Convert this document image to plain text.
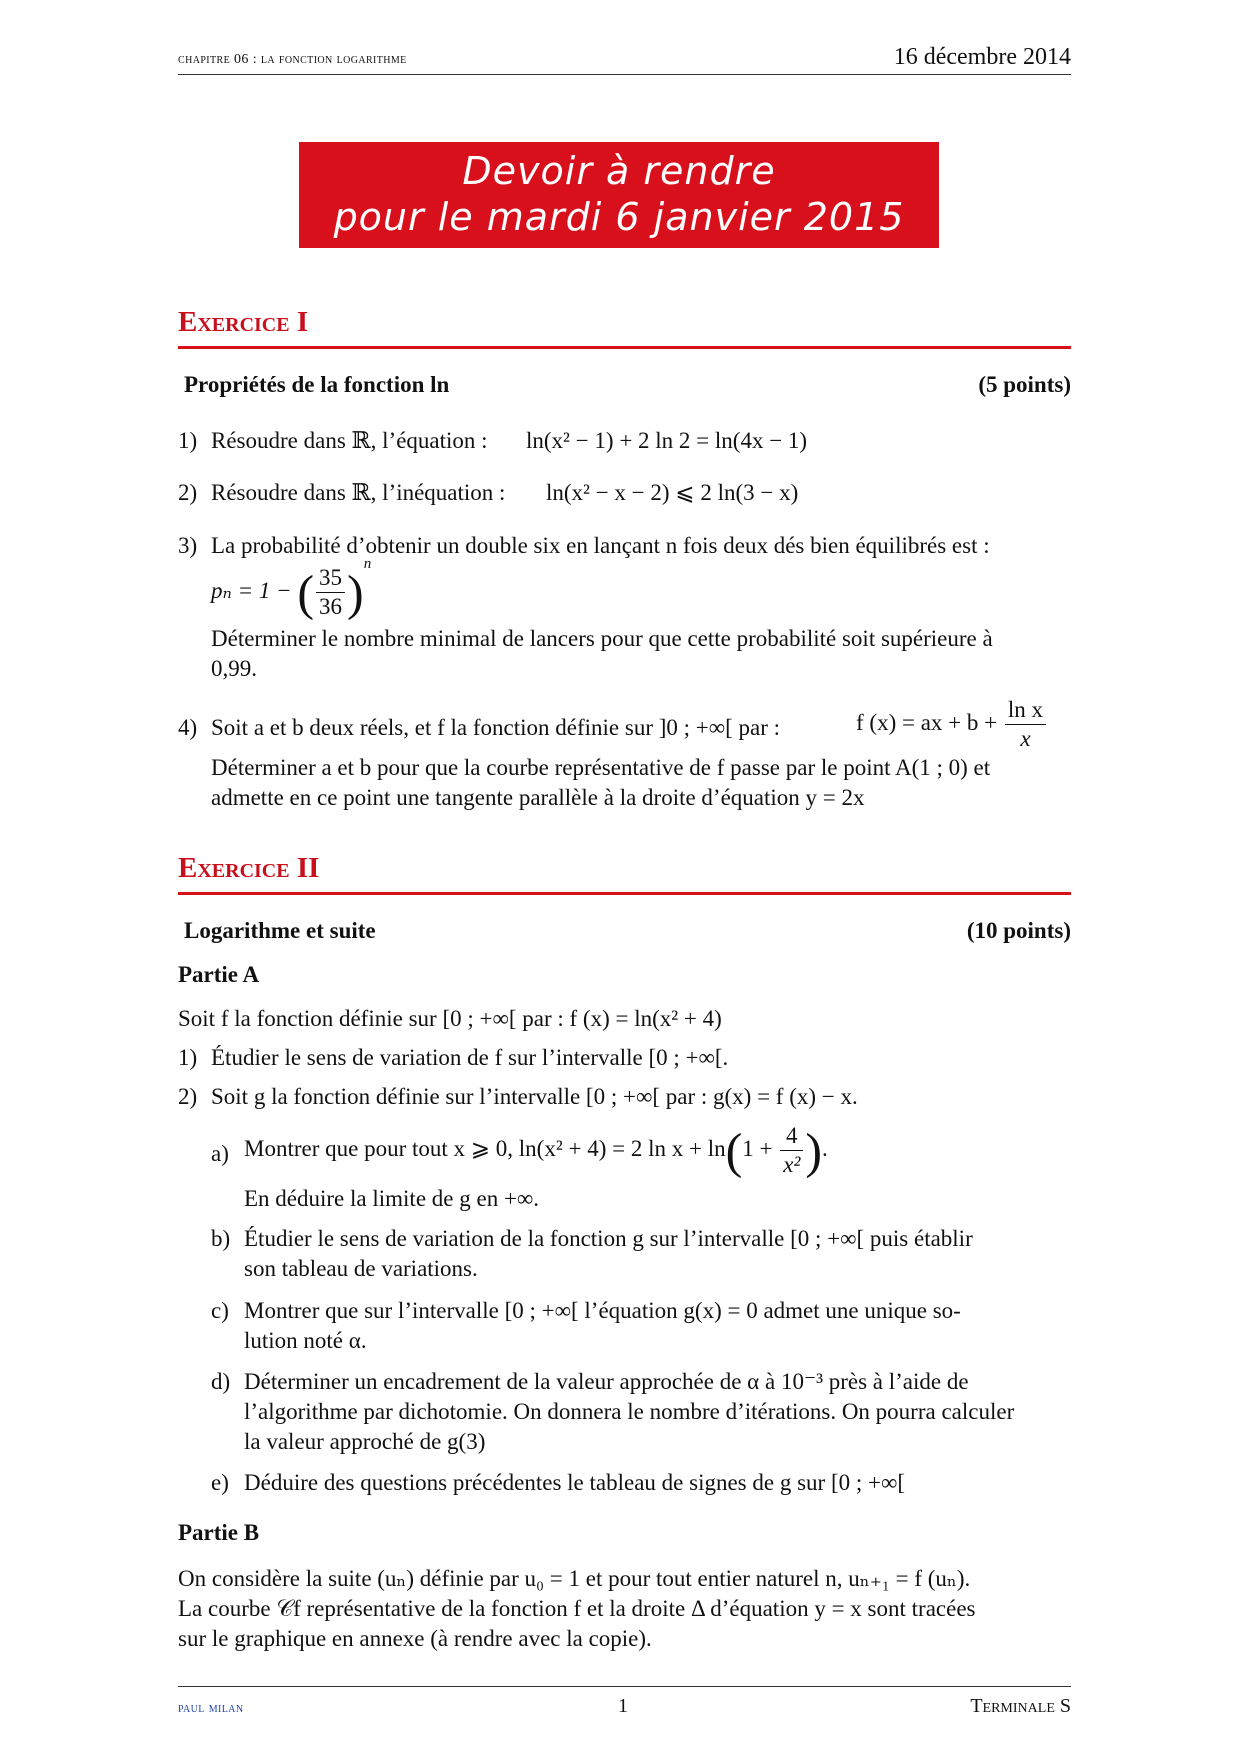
chapitre 06 : la fonction logarithme	16 décembre 2014
Devoir à rendre
pour le mardi 6 janvier 2015
Exercice I
Propriétés de la fonction ln	(5 points)
1) Résoudre dans ℝ, l’équation : ln(x² − 1) + 2 ln 2 = ln(4x − 1)
2) Résoudre dans ℝ, l’inéquation : ln(x² − x − 2) ⩽ 2 ln(3 − x)
3) La probabilité d’obtenir un double six en lançant n fois deux dés bien équilibrés est :
pₙ = 1 − ( $\frac{35}{36} )^n$
Déterminer le nombre minimal de lancers pour que cette probabilité soit supérieure à
0,99.
4) Soit a et b deux réels, et f la fonction définie sur ]0 ; +∞[ par :	f (x) = ax + $b + \frac{\text{ln x}}{x}$
Déterminer a et b pour que la courbe représentative de f passe par le point A(1 ; 0) et
admette en ce point une tangente parallèle à la droite d’équation y = 2x
Exercice II
Logarithme et suite	(10 points)
Partie A
Soit f la fonction définie sur [0 ; +∞[ par : f (x) = ln(x² + 4)
1) Étudier le sens de variation de f sur l’intervalle [0 ; +∞[.
2) Soit g la fonction définie sur l’intervalle [0 ; +∞[ par : g(x) = f (x) − x.
a) Montrer que pour tout x ⩾ 0, ln(x² + 4) = 2 $\ln x + \ln(1 + \frac{4}{\text{x²}}$ ).
En déduire la limite de g en +∞.
b) Étudier le sens de variation de la fonction g sur l’intervalle [0 ; +∞[ puis établir
son tableau de variations.
c) Montrer que sur l’intervalle [0 ; +∞[ l’équation g(x) = 0 admet une unique so-
lution noté α.
d) Déterminer un encadrement de la valeur approchée de α à 10⁻³ près à l’aide de
l’algorithme par dichotomie. On donnera le nombre d’itérations. On pourra calculer
la valeur approché de g(3)
e) Déduire des questions précédentes le tableau de signes de g sur [0 ; +∞[
Partie B
On considère la suite (uₙ) définie par u₀ = 1 et pour tout entier naturel n, uₙ₊₁ = f (uₙ).
La courbe 𝒞f représentative de la fonction f et la droite Δ d’équation y = x sont tracées
sur le graphique en annexe (à rendre avec la copie).
paul milan	1	Terminale S
